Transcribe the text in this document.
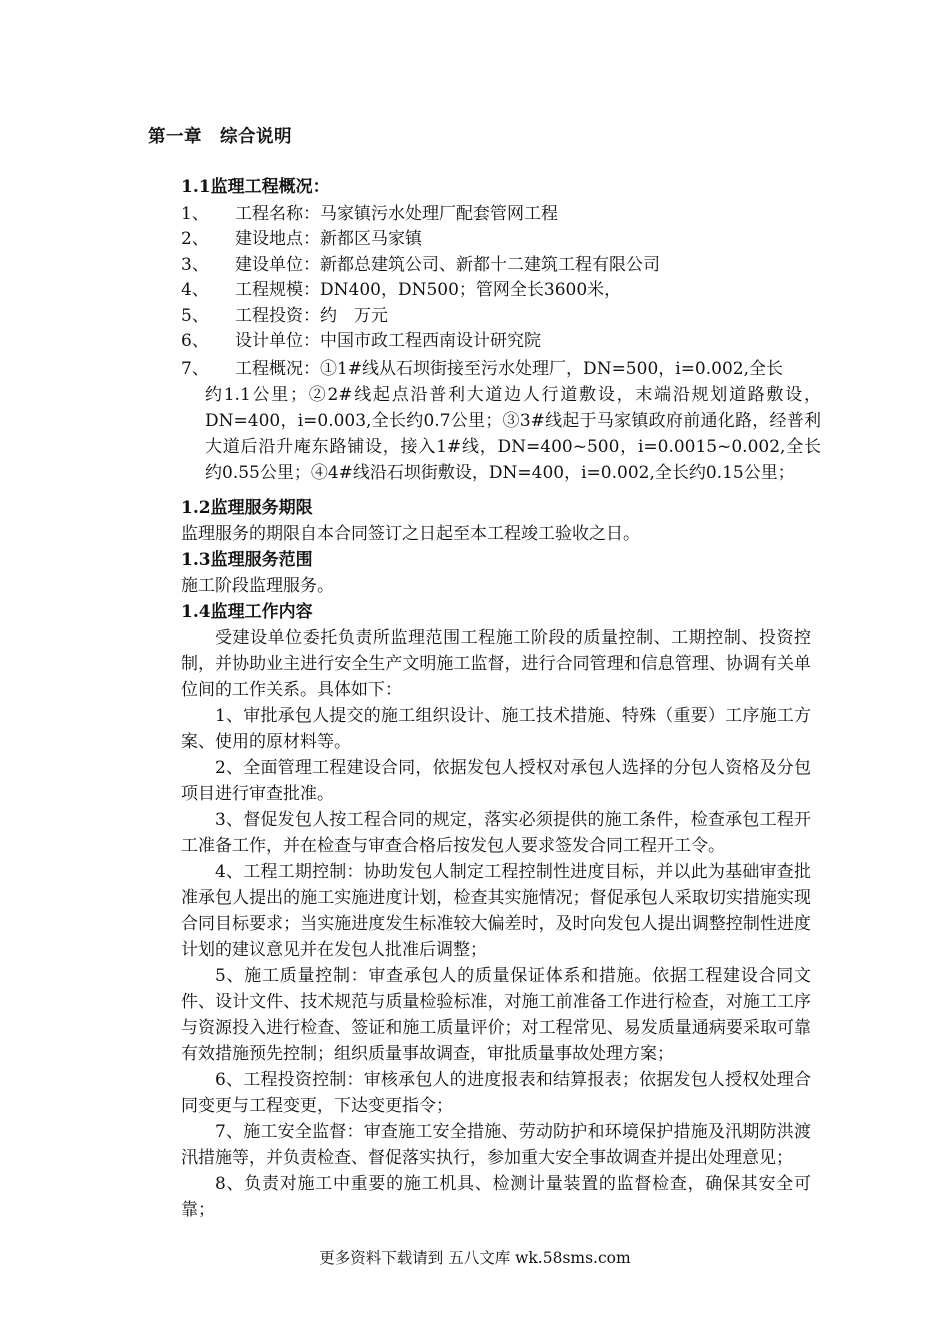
第一章　综合说明
1.1监理工程概况：
1、	工程名称：马家镇污水处理厂配套管网工程
2、	建设地点：新都区马家镇
3、	建设单位：新都总建筑公司、新都十二建筑工程有限公司
4、	工程规模：DN400，DN500；管网全长3600米，
5、	工程投资：约　万元
6、	设计单位：中国市政工程西南设计研究院
7、 工程概况：①1#线从石坝街接至污水处理厂，DN=500，i=0.002,全长
约1.1公里；②2#线起点沿普利大道边人行道敷设，末端沿规划道路敷设，DN=400，i=0.003,全长约0.7公里；③3#线起于马家镇政府前通化路，经普利大道后沿升庵东路铺设，接入1#线，DN=400~500，i=0.0015~0.002,全长约0.55公里；④4#线沿石坝街敷设，DN=400，i=0.002,全长约0.15公里；
1.2监理服务期限

监理服务的期限自本合同签订之日起至本工程竣工验收之日。

1.3监理服务范围

施工阶段监理服务。

1.4监理工作内容

受建设单位委托负责所监理范围工程施工阶段的质量控制、工期控制、投资控制，并协助业主进行安全生产文明施工监督，进行合同管理和信息管理、协调有关单位间的工作关系。具体如下：

1、审批承包人提交的施工组织设计、施工技术措施、特殊（重要）工序施工方案、使用的原材料等。

2、全面管理工程建设合同，依据发包人授权对承包人选择的分包人资格及分包项目进行审查批准。

3、督促发包人按工程合同的规定，落实必须提供的施工条件，检查承包工程开工准备工作，并在检查与审查合格后按发包人要求签发合同工程开工令。

4、工程工期控制：协助发包人制定工程控制性进度目标，并以此为基础审查批准承包人提出的施工实施进度计划，检查其实施情况；督促承包人采取切实措施实现合同目标要求；当实施进度发生标准较大偏差时，及时向发包人提出调整控制性进度计划的建议意见并在发包人批准后调整；

5、施工质量控制：审查承包人的质量保证体系和措施。依据工程建设合同文件、设计文件、技术规范与质量检验标准，对施工前准备工作进行检查，对施工工序与资源投入进行检查、签证和施工质量评价；对工程常见、易发质量通病要采取可靠有效措施预先控制；组织质量事故调查，审批质量事故处理方案；

6、工程投资控制：审核承包人的进度报表和结算报表；依据发包人授权处理合同变更与工程变更，下达变更指令；

7、施工安全监督：审查施工安全措施、劳动防护和环境保护措施及汛期防洪渡汛措施等，并负责检查、督促落实执行，参加重大安全事故调查并提出处理意见；

8、负责对施工中重要的施工机具、检测计量装置的监督检查，确保其安全可靠；

更多资料下载请到 五八文库 wk.58sms.com
